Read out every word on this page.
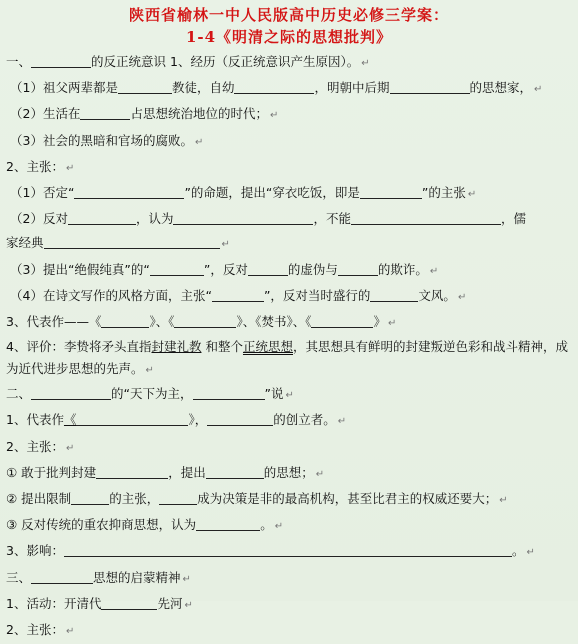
陕西省榆林一中人民版高中历史必修三学案：
1-4《明清之际的思想批判》
一、	的反正统意识 1、经历（反正统意识产生原因）。 ↵
（1）祖父两辈都是	教徒，自幼	，明朝中后期	的思想家， ↵
（2）生活在	占思想统治地位的时代； ↵
（3）社会的黑暗和官场的腐败。 ↵
2、主张： ↵
（1）否定“	”的命题，提出“穿衣吃饭，即是	”的主张 ↵
（2）反对	，认为	，不能	，儒
家经典	↵
（3）提出“绝假纯真”的“	”，反对	的虚伪与	的欺诈。 ↵
（4）在诗文写作的风格方面，主张“	”，反对当时盛行的	文风。 ↵
3、代表作——《	》、《	》、《焚书》、《	》 ↵
4、评价：李贽将矛头直指封建礼教 和整个正统思想，其思想具有鲜明的封建叛逆色彩和战斗精神，成为近代进步思想的先声。 ↵
二、	的“天下为主，	”说 ↵
1、代表作《	》，	的创立者。 ↵
2、主张： ↵
① 敢于批判封建	，提出	的思想； ↵
② 提出限制	的主张，	成为决策是非的最高机构，甚至比君主的权威还要大； ↵
③ 反对传统的重农抑商思想，认为	。 ↵
3、影响：	。 ↵
三、	思想的启蒙精神 ↵
1、活动：开清代	先河 ↵
2、主张： ↵
